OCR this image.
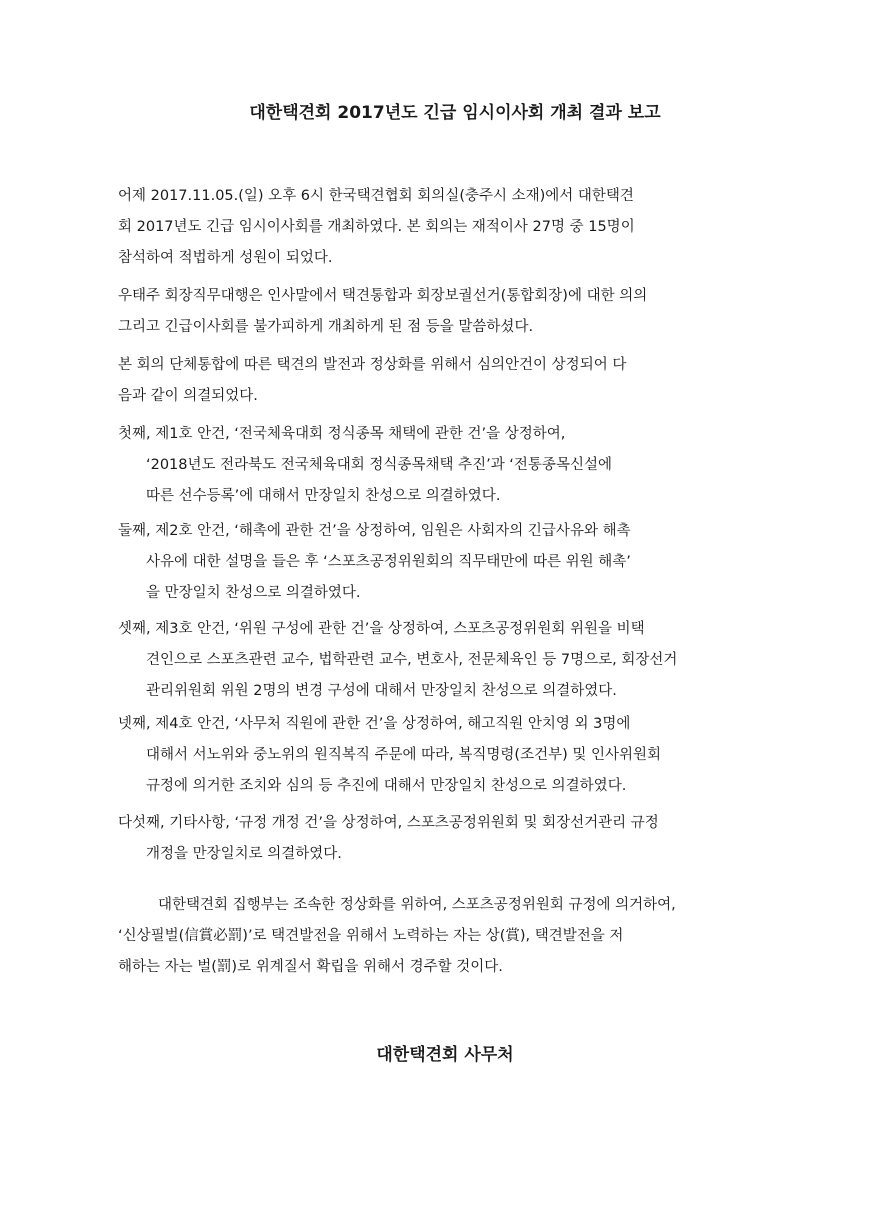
대한택견회 2017년도 긴급 임시이사회 개최 결과 보고
어제 2017.11.05.(일) 오후 6시 한국택견협회 회의실(충주시 소재)에서 대한택견
회 2017년도 긴급 임시이사회를 개최하였다. 본 회의는 재적이사 27명 중 15명이
참석하여 적법하게 성원이 되었다.
우태주 회장직무대행은 인사말에서 택견통합과 회장보궐선거(통합회장)에 대한 의의
그리고 긴급이사회를 불가피하게 개최하게 된 점 등을 말씀하셨다.
본 회의 단체통합에 따른 택견의 발전과 정상화를 위해서 심의안건이 상정되어 다
음과 같이 의결되었다.
첫째, 제1호 안건, ‘전국체육대회 정식종목 채택에 관한 건’을 상정하여,
‘2018년도 전라북도 전국체육대회 정식종목채택 추진’과 ‘전통종목신설에
따른 선수등록’에 대해서 만장일치 찬성으로 의결하였다.
둘째, 제2호 안건, ‘해촉에 관한 건’을 상정하여, 임원은 사회자의 긴급사유와 해촉
사유에 대한 설명을 들은 후 ‘스포츠공정위원회의 직무태만에 따른 위원 해촉’
을 만장일치 찬성으로 의결하였다.
셋째, 제3호 안건, ‘위원 구성에 관한 건’을 상정하여, 스포츠공정위원회 위원을 비택
견인으로 스포츠관련 교수, 법학관련 교수, 변호사, 전문체육인 등 7명으로, 회장선거
관리위원회 위원 2명의 변경 구성에 대해서 만장일치 찬성으로 의결하였다.
넷째, 제4호 안건, ‘사무처 직원에 관한 건’을 상정하여, 해고직원 안치영 외 3명에
대해서 서노위와 중노위의 원직복직 주문에 따라, 복직명령(조건부) 및 인사위원회
규정에 의거한 조치와 심의 등 추진에 대해서 만장일치 찬성으로 의결하였다.
다섯째, 기타사항, ‘규정 개정 건’을 상정하여, 스포츠공정위원회 및 회장선거관리 규정
개정을 만장일치로 의결하였다.
대한택견회 집행부는 조속한 정상화를 위하여, 스포츠공정위원회 규정에 의거하여,
‘신상필벌(信賞必罰)’로 택견발전을 위해서 노력하는 자는 상(賞), 택견발전을 저
해하는 자는 벌(罰)로 위계질서 확립을 위해서 경주할 것이다.
대한택견회 사무처
